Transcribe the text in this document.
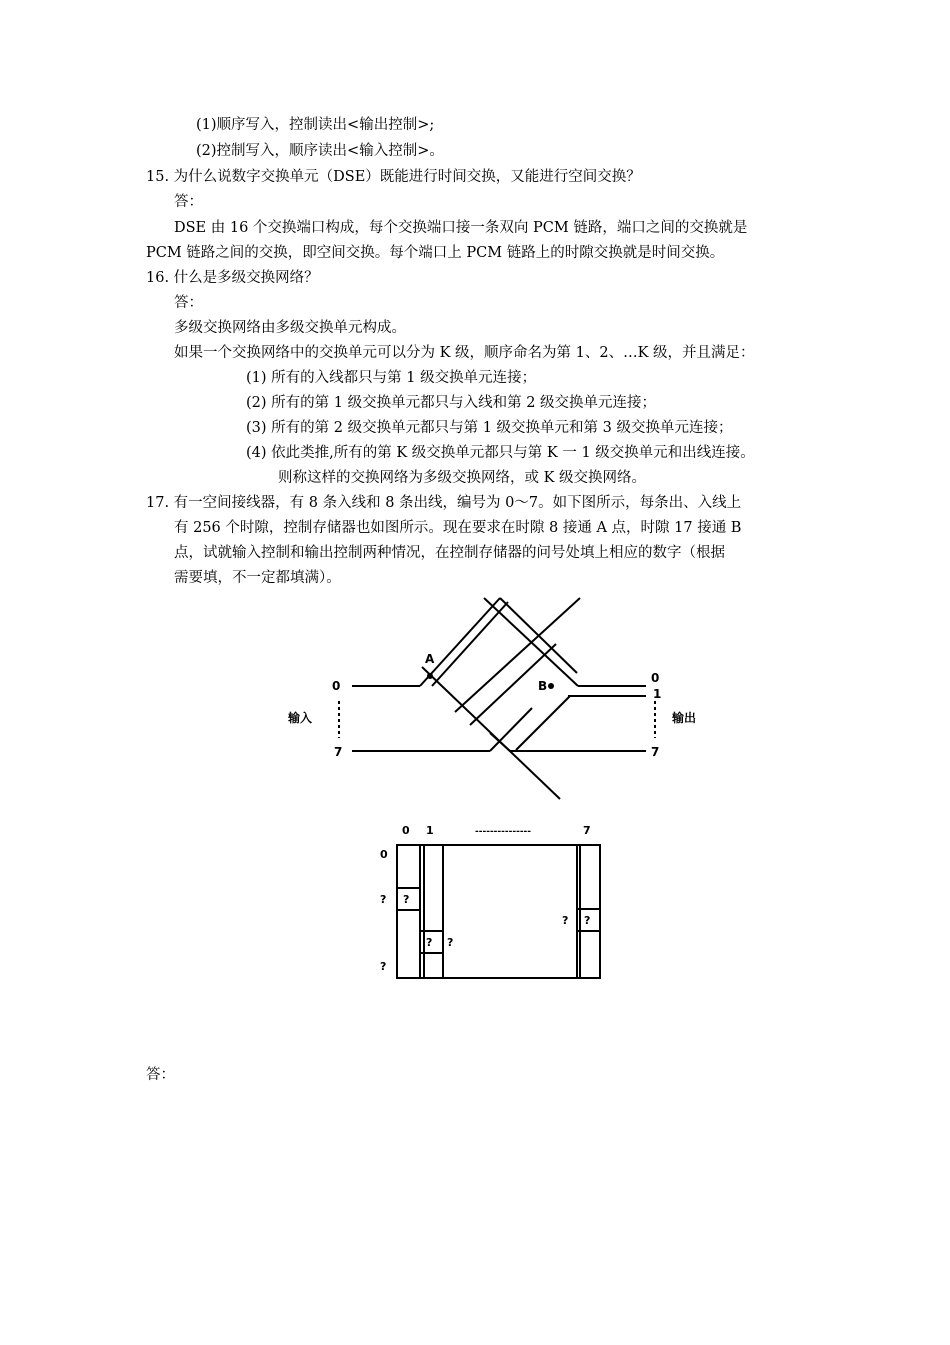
(1)顺序写入，控制读出<输出控制>;
(2)控制写入，顺序读出<输入控制>。
15. 为什么说数字交换单元（DSE）既能进行时间交换，又能进行空间交换？
答：
DSE 由 16 个交换端口构成，每个交换端口接一条双向 PCM 链路，端口之间的交换就是
PCM 链路之间的交换，即空间交换。每个端口上 PCM 链路上的时隙交换就是时间交换。
16. 什么是多级交换网络？
答：
多级交换网络由多级交换单元构成。
如果一个交换网络中的交换单元可以分为 K 级，顺序命名为第 1、2、…K 级，并且满足：
(1) 所有的入线都只与第 1 级交换单元连接；
(2) 所有的第 1 级交换单元都只与入线和第 2 级交换单元连接；
(3) 所有的第 2 级交换单元都只与第 1 级交换单元和第 3 级交换单元连接；
(4) 依此类推,所有的第 K 级交换单元都只与第 K 一 1 级交换单元和出线连接。
则称这样的交换网络为多级交换网络，或 K 级交换网络。
17. 有一空间接线器，有 8 条入线和 8 条出线，编号为 0～7。如下图所示，每条出、入线上
有 256 个时隙，控制存储器也如图所示。现在要求在时隙 8 接通 A 点，时隙 17 接通 B
点，试就输入控制和输出控制两种情况，在控制存储器的问号处填上相应的数字（根据
需要填，不一定都填满）。
答：
A
B
0
7
0
1
7
输入	输出
0 1	---------------	7
0
?
?
?
? ?
? ?
